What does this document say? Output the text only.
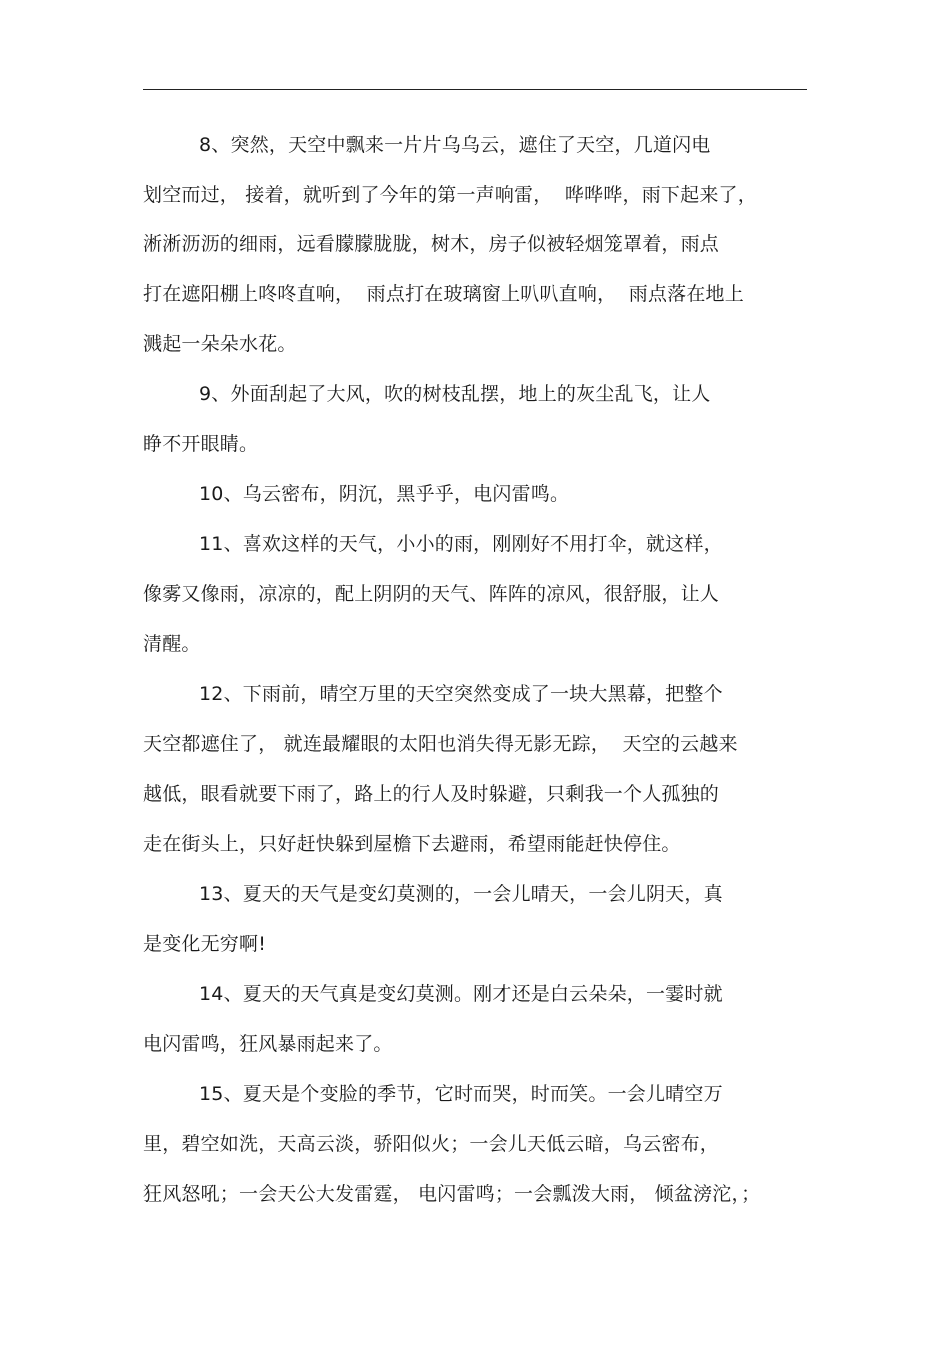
8、突然，天空中飘来一片片乌乌云，遮住了天空，几道闪电
划空而过， 接着，就听到了今年的第一声响雷，  哗哗哗，雨下起来了，
淅淅沥沥的细雨，远看朦朦胧胧，树木，房子似被轻烟笼罩着，雨点
打在遮阳棚上咚咚直响，  雨点打在玻璃窗上叭叭直响，  雨点落在地上
溅起一朵朵水花。
9、外面刮起了大风，吹的树枝乱摆，地上的灰尘乱飞，让人
睁不开眼睛。
10、乌云密布，阴沉，黑乎乎，电闪雷鸣。
11、喜欢这样的天气，小小的雨，刚刚好不用打伞，就这样，
像雾又像雨，凉凉的，配上阴阴的天气、阵阵的凉风，很舒服，让人
清醒。
12、下雨前，晴空万里的天空突然变成了一块大黑幕，把整个
天空都遮住了， 就连最耀眼的太阳也消失得无影无踪，  天空的云越来
越低，眼看就要下雨了，路上的行人及时躲避，只剩我一个人孤独的
走在街头上，只好赶快躲到屋檐下去避雨，希望雨能赶快停住。
13、夏天的天气是变幻莫测的，一会儿晴天，一会儿阴天，真
是变化无穷啊!
14、夏天的天气真是变幻莫测。刚才还是白云朵朵，一霎时就
电闪雷鸣，狂风暴雨起来了。
15、夏天是个变脸的季节，它时而哭，时而笑。一会儿晴空万
里，碧空如洗，天高云淡，骄阳似火；一会儿天低云暗，乌云密布，
狂风怒吼；一会天公大发雷霆， 电闪雷鸣；一会瓢泼大雨， 倾盆滂沱，；
